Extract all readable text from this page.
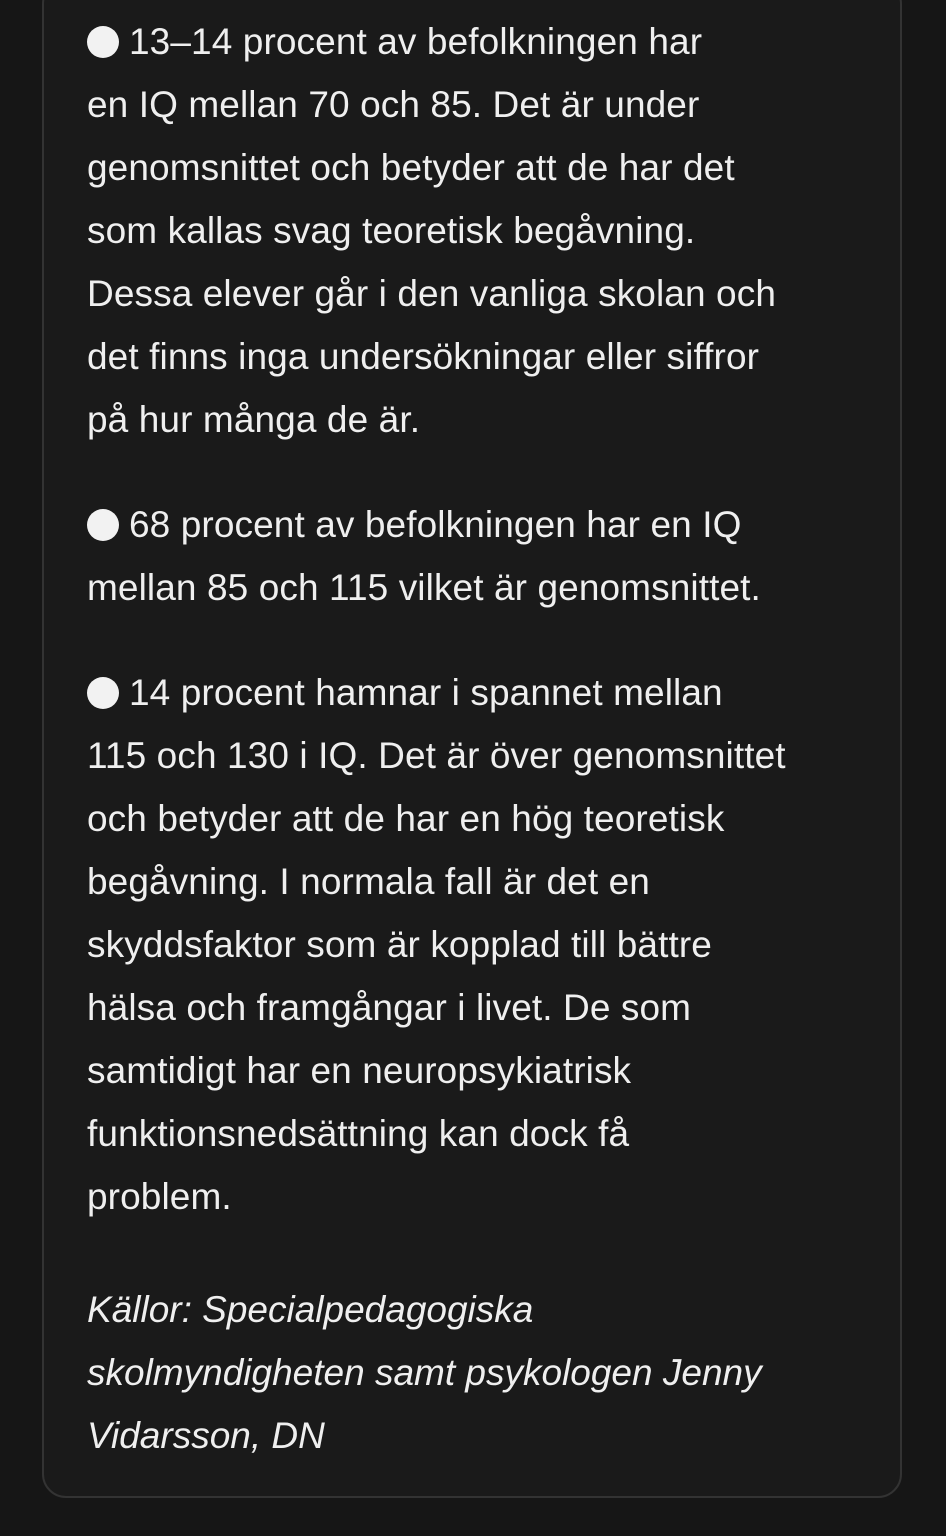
13–14 procent av befolkningen har
en IQ mellan 70 och 85. Det är under
genomsnittet och betyder att de har det
som kallas svag teoretisk begåvning.
Dessa elever går i den vanliga skolan och
det finns inga undersökningar eller siffror
på hur många de är.

68 procent av befolkningen har en IQ
mellan 85 och 115 vilket är genomsnittet.

14 procent hamnar i spannet mellan
115 och 130 i IQ. Det är över genomsnittet
och betyder att de har en hög teoretisk
begåvning. I normala fall är det en
skyddsfaktor som är kopplad till bättre
hälsa och framgångar i livet. De som
samtidigt har en neuropsykiatrisk
funktionsnedsättning kan dock få
problem.

Källor: Specialpedagogiska
skolmyndigheten samt psykologen Jenny
Vidarsson, DN
